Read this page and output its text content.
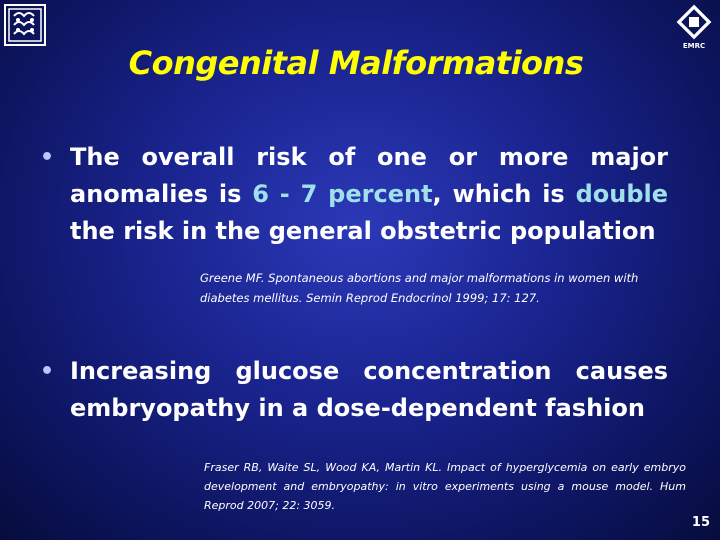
EMRC
Congenital Malformations
• The overall risk of one or more major anomalies is 6 - 7 percent, which is double the risk in the general obstetric population
Greene MF. Spontaneous abortions and major malformations in women with diabetes mellitus. Semin Reprod Endocrinol 1999; 17: 127.
• Increasing glucose concentration causes embryopathy in a dose-dependent fashion
Fraser RB, Waite SL, Wood KA, Martin KL. Impact of hyperglycemia on early embryo development and embryopathy: in vitro experiments using a mouse model. Hum Reprod 2007; 22: 3059.
15
